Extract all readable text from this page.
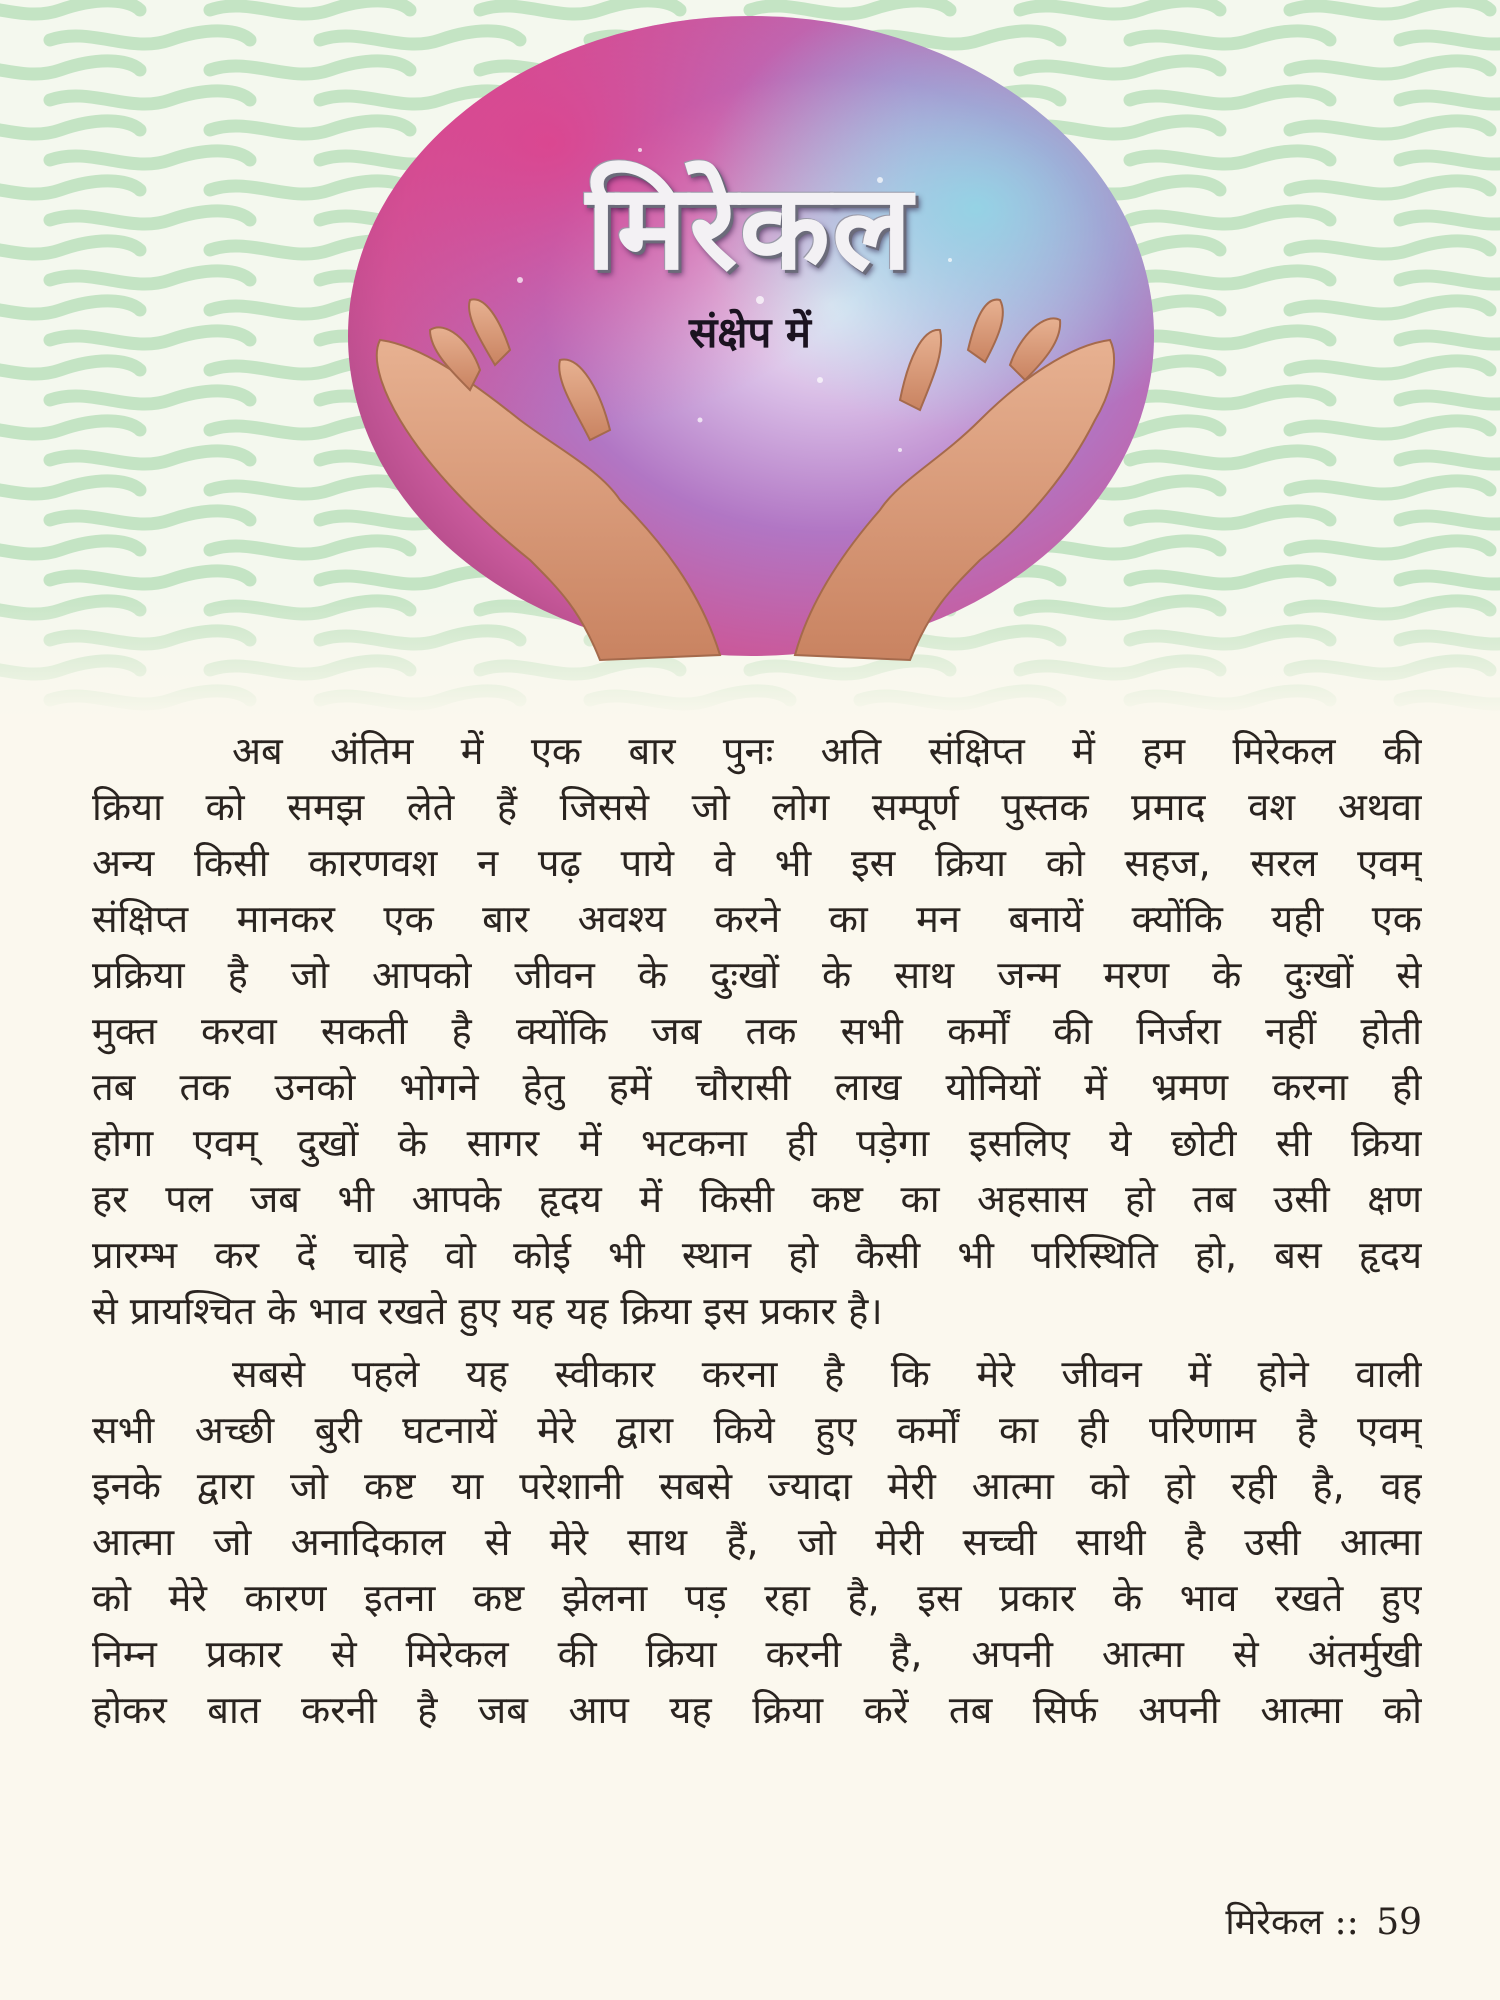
मिरेकल
संक्षेप में
अब अंतिम में एक बार पुनः अति संक्षिप्त में हम मिरेकल की
क्रिया को समझ लेते हैं जिससे जो लोग सम्पूर्ण पुस्तक प्रमाद वश अथवा
अन्य किसी कारणवश न पढ़ पाये वे भी इस क्रिया को सहज, सरल एवम्
संक्षिप्त मानकर एक बार अवश्य करने का मन बनायें क्योंकि यही एक
प्रक्रिया है जो आपको जीवन के दुःखों के साथ जन्म मरण के दुःखों से
मुक्त करवा सकती है क्योंकि जब तक सभी कर्मों की निर्जरा नहीं होती
तब तक उनको भोगने हेतु हमें चौरासी लाख योनियों में भ्रमण करना ही
होगा एवम् दुखों के सागर में भटकना ही पड़ेगा इसलिए ये छोटी सी क्रिया
हर पल जब भी आपके हृदय में किसी कष्ट का अहसास हो तब उसी क्षण
प्रारम्भ कर दें चाहे वो कोई भी स्थान हो कैसी भी परिस्थिति हो, बस हृदय
से प्रायश्चित के भाव रखते हुए यह यह क्रिया इस प्रकार है।
सबसे पहले यह स्वीकार करना है कि मेरे जीवन में होने वाली
सभी अच्छी बुरी घटनायें मेरे द्वारा किये हुए कर्मों का ही परिणाम है एवम्
इनके द्वारा जो कष्ट या परेशानी सबसे ज्यादा मेरी आत्मा को हो रही है, वह
आत्मा जो अनादिकाल से मेरे साथ हैं, जो मेरी सच्ची साथी है उसी आत्मा
को मेरे कारण इतना कष्ट झेलना पड़ रहा है, इस प्रकार के भाव रखते हुए
निम्न प्रकार से मिरेकल की क्रिया करनी है, अपनी आत्मा से अंतर्मुखी
होकर बात करनी है जब आप यह क्रिया करें तब सिर्फ अपनी आत्मा को
मिरेकल :: 59
